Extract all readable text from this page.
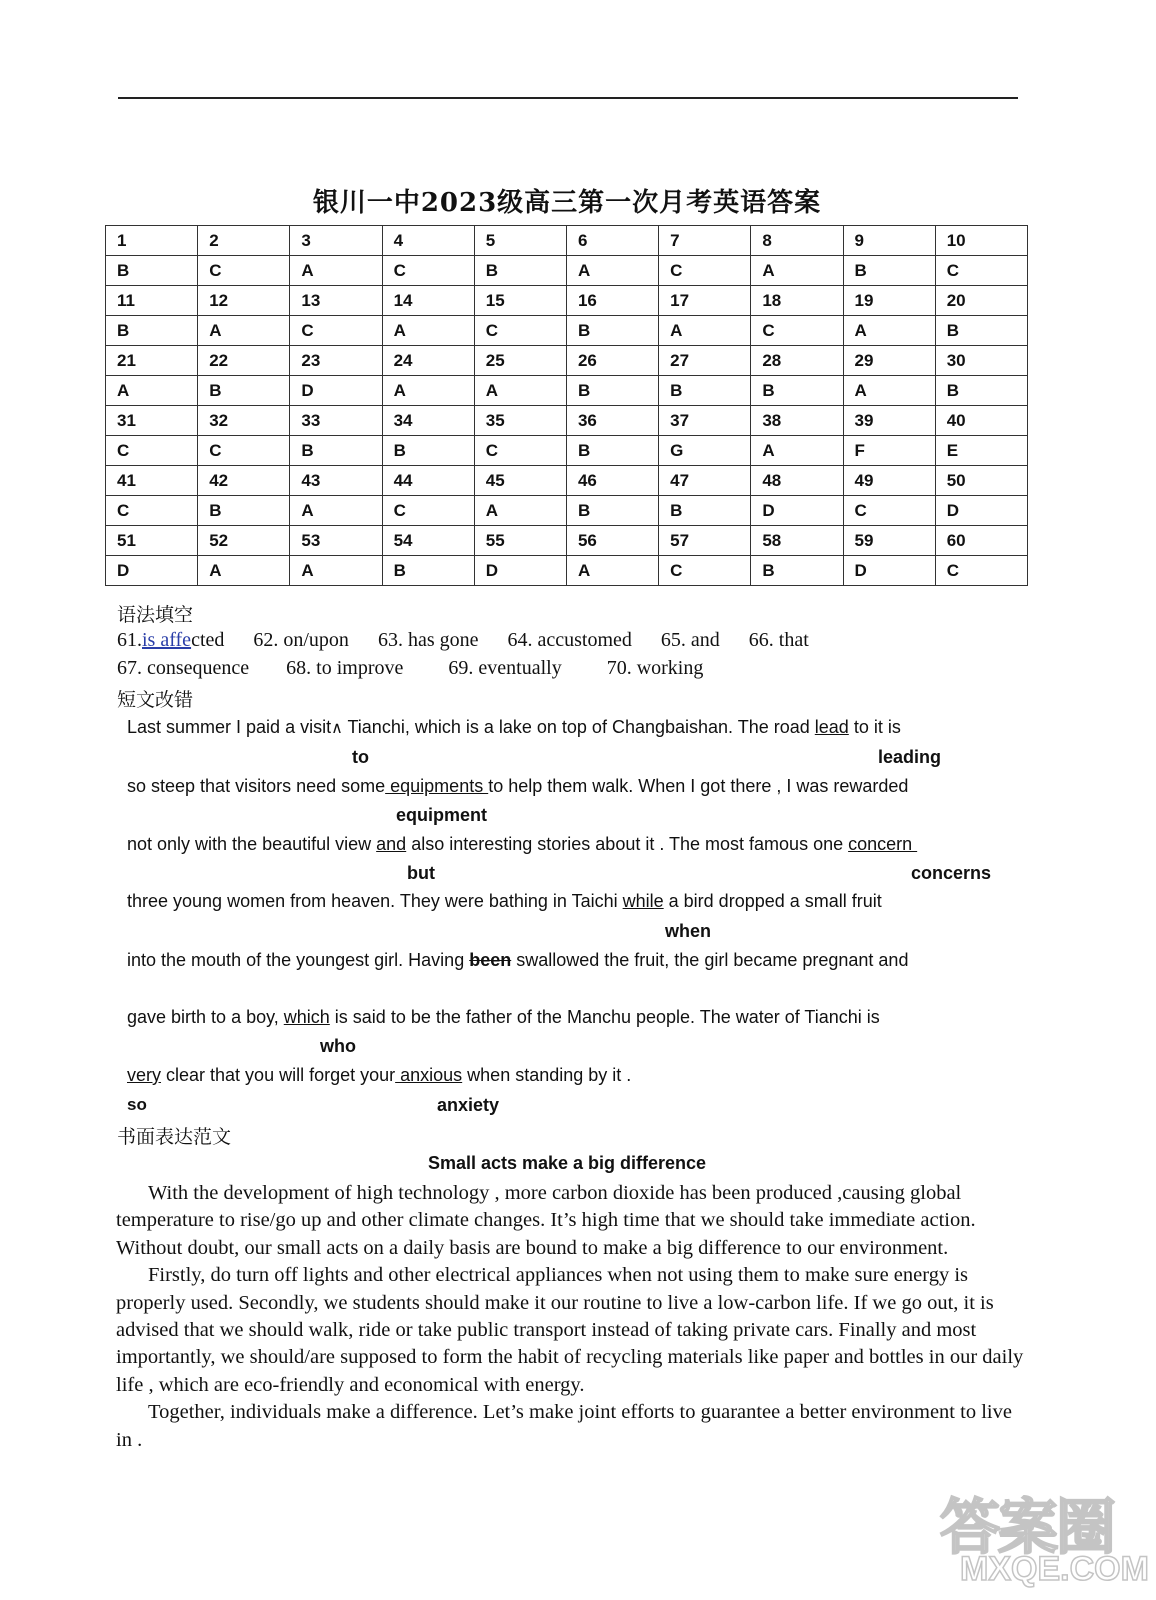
银川一中2023级高三第一次月考英语答案
1	2	3	4	5	6	7	8	9	10
B	C	A	C	B	A	C	A	B	C
11	12	13	14	15	16	17	18	19	20
B	A	C	A	C	B	A	C	A	B
21	22	23	24	25	26	27	28	29	30
A	B	D	A	A	B	B	B	A	B
31	32	33	34	35	36	37	38	39	40
C	C	B	B	C	B	G	A	F	E
41	42	43	44	45	46	47	48	49	50
C	B	A	C	A	B	B	D	C	D
51	52	53	54	55	56	57	58	59	60
D	A	A	B	D	A	C	B	D	C
语法填空
61.is affected 62. on/upon 63. has gone 64. accustomed 65. and 66. that
67. consequence 68. to improve 69. eventually 70. working
短文改错
Last summer I paid a visit∧ Tianchi, which is a lake on top of Changbaishan. The road lead to it is
to	leading
so steep that visitors need some equipments to help them walk. When I got there , I was rewarded
equipment
not only with the beautiful view and also interesting stories about it . The most famous one concern
but	concerns
three young women from heaven. They were bathing in Taichi while a bird dropped a small fruit
when
into the mouth of the youngest girl. Having been swallowed the fruit, the girl became pregnant and
gave birth to a boy, which is said to be the father of the Manchu people. The water of Tianchi is
who
very clear that you will forget your anxious when standing by it .
so	anxiety
书面表达范文
Small acts make a big difference

With the development of high technology , more carbon dioxide has been produced ,causing global temperature to rise/go up and other climate changes. It’s high time that we should take immediate action. Without doubt, our small acts on a daily basis are bound to make a big difference to our environment.

Firstly, do turn off lights and other electrical appliances when not using them to make sure energy is properly used. Secondly, we students should make it our routine to live a low-carbon life. If we go out, it is advised that we should walk, ride or take public transport instead of taking private cars. Finally and most importantly, we should/are supposed to form the habit of recycling materials like paper and bottles in our daily life , which are eco-friendly and economical with energy.

Together, individuals make a difference. Let’s make joint efforts to guarantee a better environment to live in .

答案圈
MXQE.COM
